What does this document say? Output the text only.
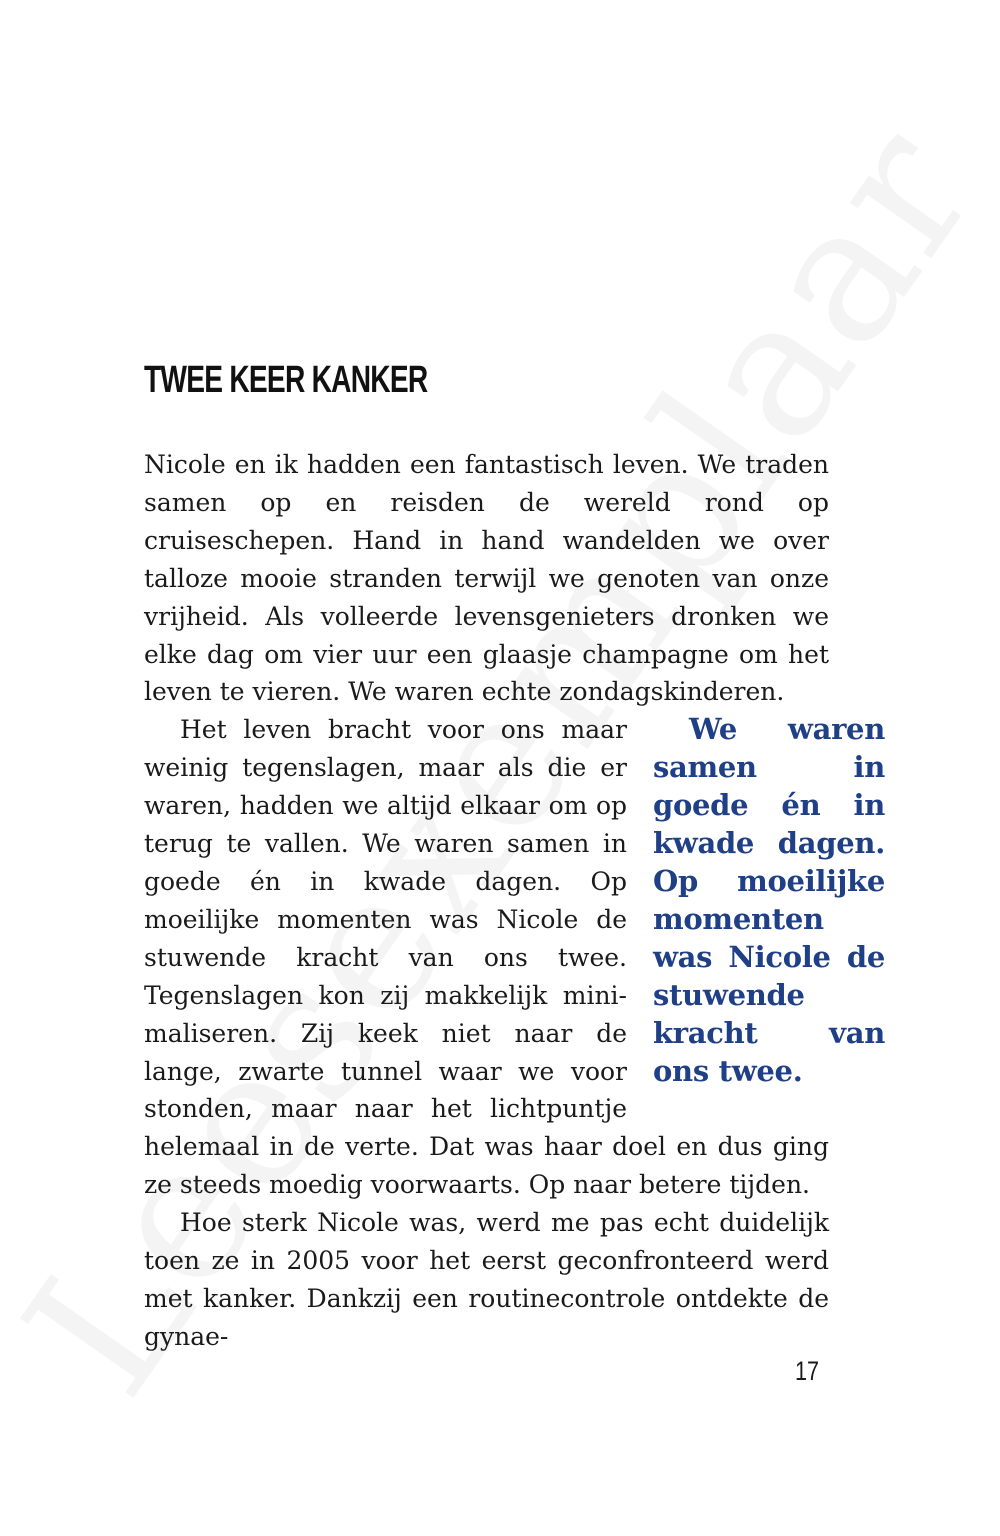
TWEE KEER KANKER

Nicole en ik hadden een fantastisch leven. We traden samen op en reisden de wereld rond op cruiseschepen. Hand in hand wandelden we over talloze mooie stranden terwijl we genoten van onze vrijheid. Als volleerde levensgenieters dronken we elke dag om vier uur een glaasje champagne om het leven te vieren. We waren echte zondagskinderen.

We waren samen in goede én in kwade dagen. Op moeilijke momenten was Nicole de stuwende kracht van ons twee.
Het leven bracht voor ons maar weinig tegenslagen, maar als die er waren, hadden we altijd elkaar om op terug te vallen. We waren samen in goede én in kwade dagen. Op moeilijke momenten was Nicole de stuwende kracht van ons twee. Tegenslagen kon zij makkelijk minimaliseren. Zij keek niet naar de lange, zwarte tunnel waar we voor stonden, maar naar het lichtpuntje helemaal in de verte. Dat was haar doel en dus ging ze steeds moedig voorwaarts. Op naar betere tijden.

Hoe sterk Nicole was, werd me pas echt duidelijk toen ze in 2005 voor het eerst geconfronteerd werd met kanker. Dankzij een routinecontrole ontdekte de gynae-

17
